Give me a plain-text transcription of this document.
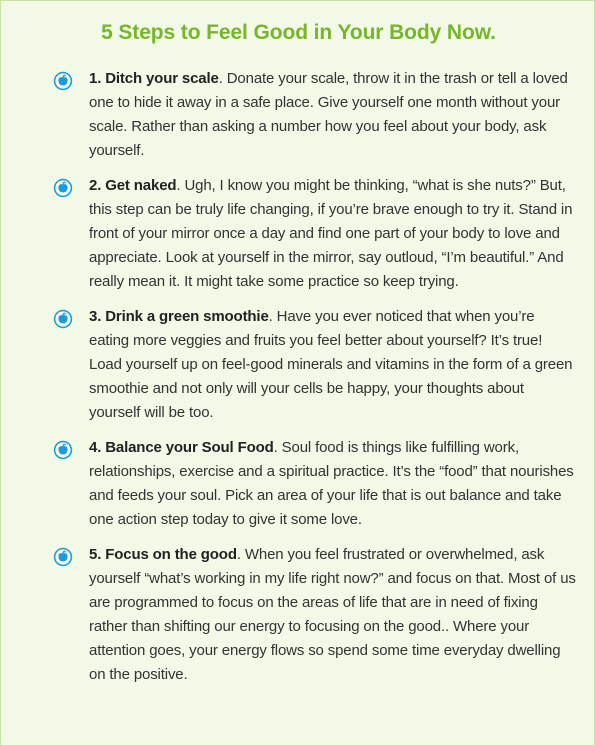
5 Steps to Feel Good in Your Body Now.
1. Ditch your scale. Donate your scale, throw it in the trash or tell a loved one to hide it away in a safe place. Give yourself one month without your scale. Rather than asking a number how you feel about your body, ask yourself.
2. Get naked. Ugh, I know you might be thinking, “what is she nuts?” But, this step can be truly life changing, if you’re brave enough to try it. Stand in front of your mirror once a day and find one part of your body to love and appreciate. Look at yourself in the mirror, say outloud, “I’m beautiful.” And really mean it. It might take some practice so keep trying.
3. Drink a green smoothie. Have you ever noticed that when you’re eating more veggies and fruits you feel better about yourself? It’s true! Load yourself up on feel-good minerals and vitamins in the form of a green smoothie and not only will your cells be happy, your thoughts about yourself will be too.
4. Balance your Soul Food. Soul food is things like fulfilling work, relationships, exercise and a spiritual practice. It’s the “food” that nourishes and feeds your soul. Pick an area of your life that is out balance and take one action step today to give it some love.
5. Focus on the good. When you feel frustrated or overwhelmed, ask yourself “what’s working in my life right now?” and focus on that. Most of us are programmed to focus on the areas of life that are in need of fixing rather than shifting our energy to focusing on the good.. Where your attention goes, your energy flows so spend some time everyday dwelling on the positive.
